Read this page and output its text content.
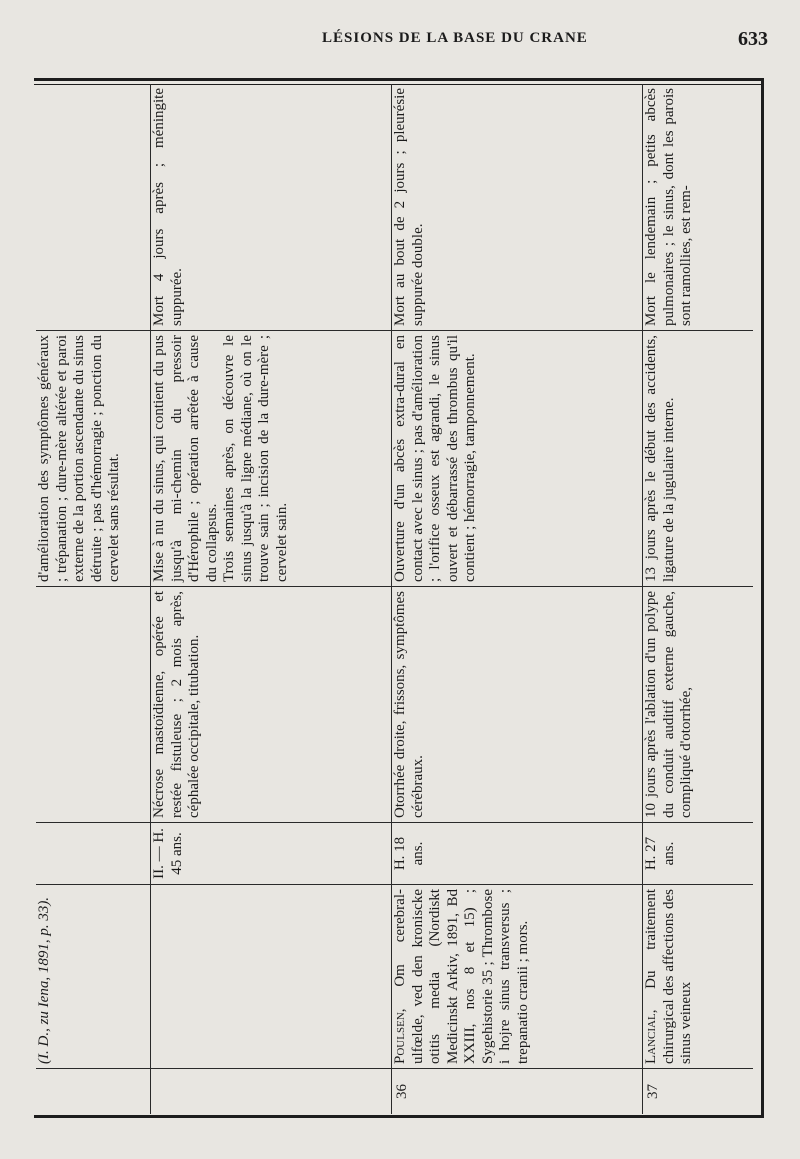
LÉSIONS DE LA BASE DU CRANE	633
(I. D., zu Iena, 1891, p. 33).
d'amélioration des symptômes généraux ; trépanation ; dure-mère altérée et paroi externe de la portion ascendante du sinus détruite ; pas d'hémorragie ; ponction du cervelet sans résultat.
II. — H. 45 ans.
Nécrose mastoïdienne, opérée et restée fistuleuse ; 2 mois après, céphalée occipitale, titubation.
Mise à nu du sinus, qui contient du pus jusqu'à mi-chemin du pressoir d'Hérophile ; opération arrêtée à cause du collapsus.
Trois semaines après, on découvre le sinus jusqu'à la ligne médiane, où on le trouve sain ; incision de la dure-mère ; cervelet sain.
Mort 4 jours après ; méningite suppurée.
36
Poulsen, Om cerebral-ulfœlde, ved den kroniscke otitis media (Nordiskt Medicinskt Arkiv, 1891, Bd XXIII, nos 8 et 15) ; Sygehistorie 35 ; Thrombose i hojre sinus transversus ; trepanatio cranii ; mors.
H. 18 ans.
Otorrhée droite, frissons, symptômes cérébraux.
Ouverture d'un abcès extra-dural en contact avec le sinus ; pas d'amélioration ; l'orifice osseux est agrandi, le sinus ouvert et débarrassé des thrombus qu'il contient ; hémorragie, tamponnement.
Mort au bout de 2 jours ; pleurésie suppurée double.
37
Lancial, Du traitement chirurgical des affections des sinus veineux
H. 27 ans.
10 jours après l'ablation d'un polype du conduit auditif externe gauche, compliqué d'otorrhée,
13 jours après le début des accidents, ligature de la jugulaire interne.
Mort le lendemain ; petits abcès pulmonaires ; le sinus, dont les parois sont ramollies, est rem-
